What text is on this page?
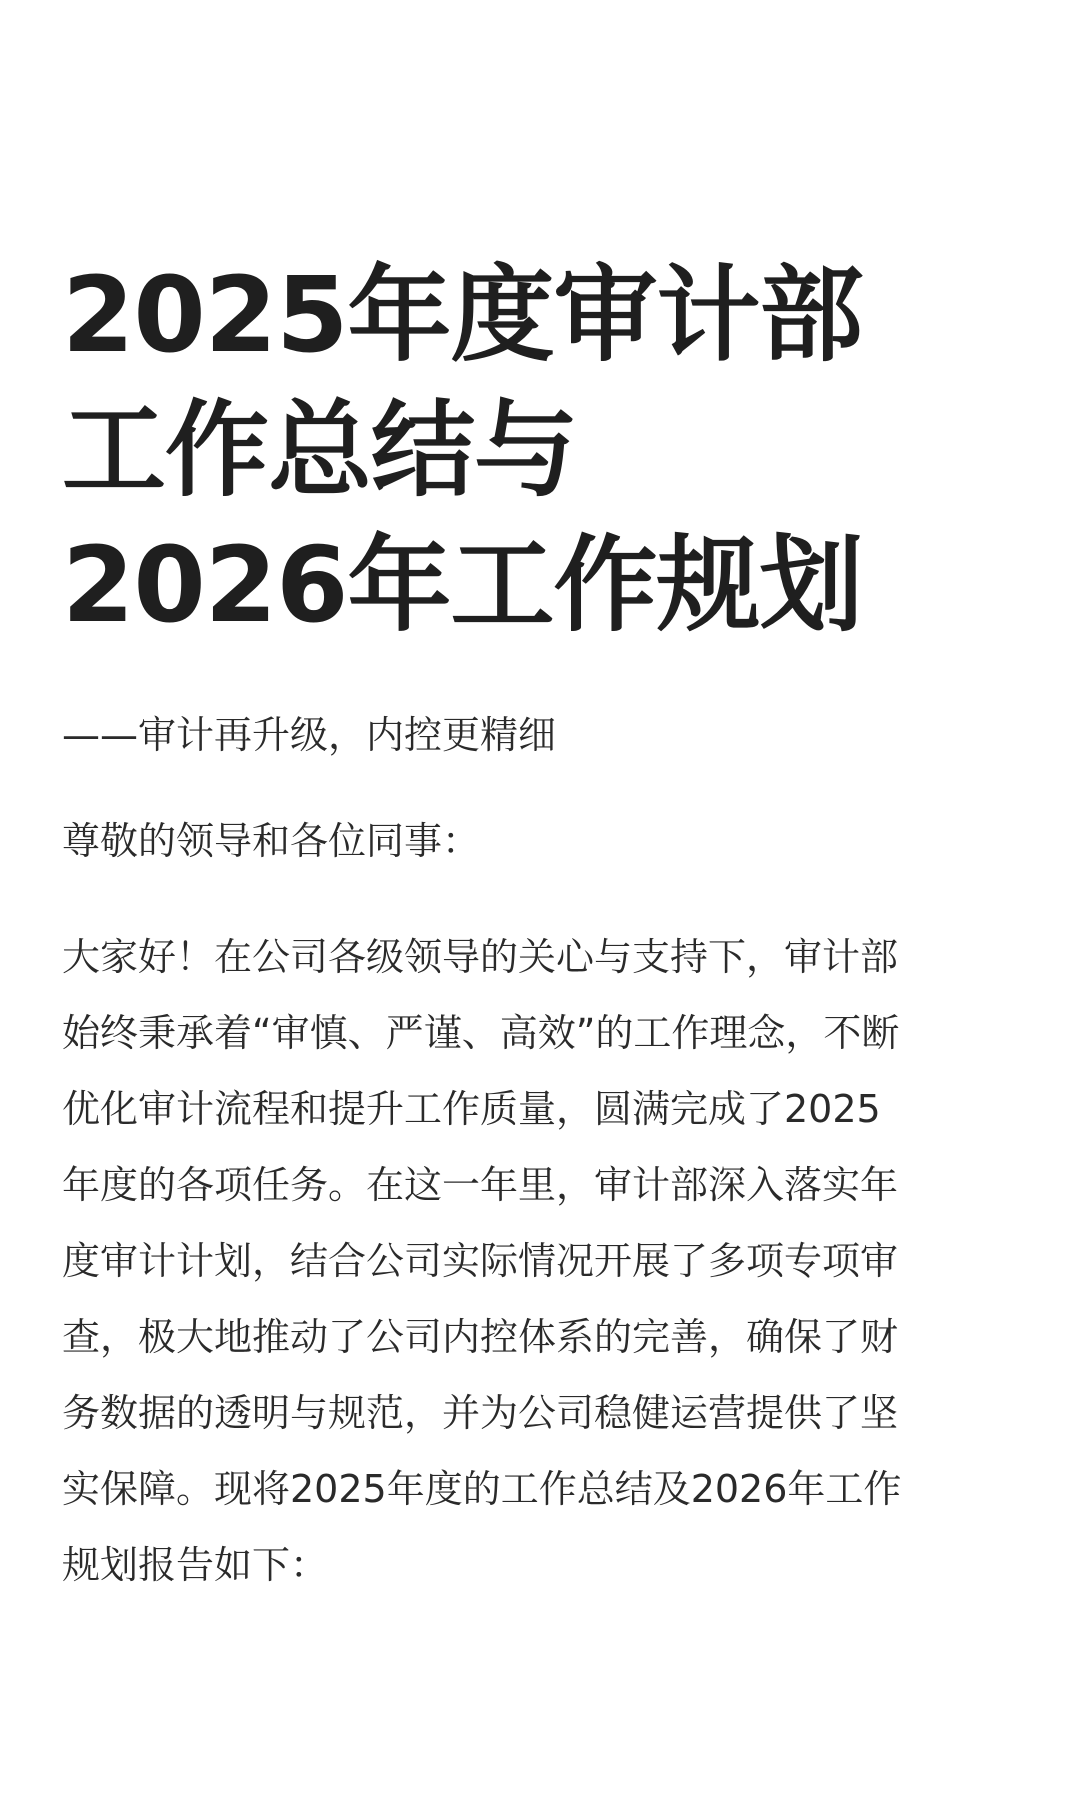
2025年度审计部
工作总结与
2026年工作规划

——审计再升级，内控更精细

尊敬的领导和各位同事：

大家好！在公司各级领导的关心与支持下，审计部
始终秉承着“审慎、严谨、高效”的工作理念，不断
优化审计流程和提升工作质量，圆满完成了2025
年度的各项任务。在这一年里，审计部深入落实年
度审计计划，结合公司实际情况开展了多项专项审
查，极大地推动了公司内控体系的完善，确保了财
务数据的透明与规范，并为公司稳健运营提供了坚
实保障。现将2025年度的工作总结及2026年工作
规划报告如下：
